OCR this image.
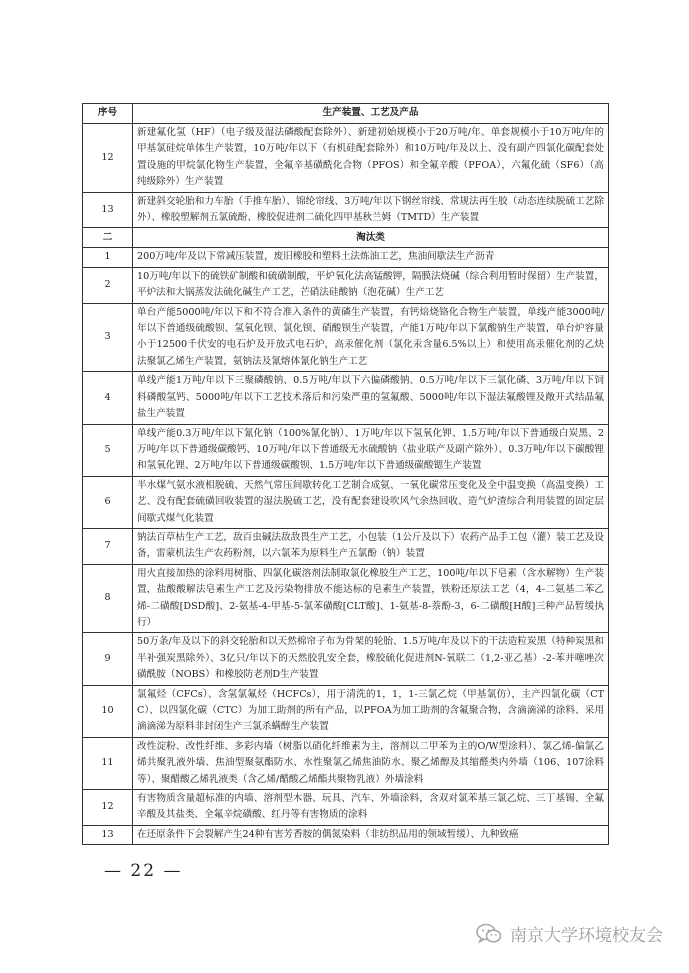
序号	生产装置、工艺及产品
12	新建氟化氢（HF）（电子级及湿法磷酸配套除外）、新建初始规模小于20万吨/年、单套规模小于10万吨/年的甲基氯硅烷单体生产装置，10万吨/年以下（有机硅配套除外）和10万吨/年及以上、没有副产四氯化碳配套处置设施的甲烷氯化物生产装置，全氟辛基磺酰化合物（PFOS）和全氟辛酸（PFOA），六氟化硫（SF6）（高纯级除外）生产装置
13	新建斜交轮胎和力车胎（手推车胎）、锦纶帘线、3万吨/年以下钢丝帘线、常规法再生胶（动态连续脱硫工艺除外）、橡胶塑解剂五氯硫酚、橡胶促进剂二硫化四甲基秋兰姆（TMTD）生产装置
二	淘汰类
1	200万吨/年及以下常减压装置，废旧橡胶和塑料土法炼油工艺，焦油间歇法生产沥青
2	10万吨/年以下的硫铁矿制酸和硫磺制酸，平炉氧化法高锰酸钾，隔膜法烧碱（综合利用暂时保留）生产装置，平炉法和大锅蒸发法硫化碱生产工艺，芒硝法硅酸钠（泡花碱）生产工艺
3	单台产能5000吨/年以下和不符合准入条件的黄磷生产装置，有钙焙烧铬化合物生产装置，单线产能3000吨/年以下普通级硫酸钡、氢氧化钡、氯化钡、硝酸钡生产装置，产能1万吨/年以下氯酸钠生产装置，单台炉容量小于12500千伏安的电石炉及开放式电石炉，高汞催化剂（氯化汞含量6.5%以上）和使用高汞催化剂的乙炔法聚氯乙烯生产装置，氨钠法及氰熔体氰化钠生产工艺
4	单线产能1万吨/年以下三聚磷酸钠、0.5万吨/年以下六偏磷酸钠、0.5万吨/年以下三氯化磷、3万吨/年以下饲料磷酸氢钙、5000吨/年以下工艺技术落后和污染严重的氢氟酸、5000吨/年以下湿法氟酸锂及敞开式结晶氟盐生产装置
5	单线产能0.3万吨/年以下氰化钠（100%氰化钠）、1万吨/年以下氢氧化钾、1.5万吨/年以下普通级白炭黑、2万吨/年以下普通级碳酸钙、10万吨/年以下普通级无水硫酸钠（盐业联产及副产除外）、0.3万吨/年以下碳酸锂和氢氧化锂、2万吨/年以下普通级碳酸钡、1.5万吨/年以下普通级碳酸锶生产装置
6	半水煤气氨水液相脱硫、天然气常压间歇转化工艺制合成氨、一氧化碳常压变化及全中温变换（高温变换）工艺、没有配套硫磺回收装置的湿法脱硫工艺，没有配套建设吹风气余热回收、造气炉渣综合利用装置的固定层间歇式煤气化装置
7	钠法百草枯生产工艺，敌百虫碱法敌敌畏生产工艺，小包装（1公斤及以下）农药产品手工包（灌）装工艺及设备，雷蒙机法生产农药粉剂，以六氯苯为原料生产五氯酚（钠）装置
8	用火直接加热的涂料用树脂、四氯化碳溶剂法制取氯化橡胶生产工艺，100吨/年以下皂素（含水解物）生产装置，盐酸酸解法皂素生产工艺及污染物排放不能达标的皂素生产装置，铁粉还原法工艺（4，4-二氨基二苯乙烯-二磺酸[DSD酸]、2-氨基-4-甲基-5-氯苯磺酸[CLT酸]、1-氨基-8-萘酚-3，6-二磺酸[H酸]三种产品暂缓执行）
9	50万条/年及以下的斜交轮胎和以天然棉帘子布为骨架的轮胎、1.5万吨/年及以下的干法造粒炭黑（特种炭黑和半补强炭黑除外）、3亿只/年以下的天然胶乳安全套，橡胶硫化促进剂N-氧联二（1,2-亚乙基）-2-苯并噻唑次磺酰胺（NOBS）和橡胶防老剂D生产装置
10	氯氟烃（CFCs）、含氢氯氟烃（HCFCs），用于清洗的1，1，1-三氯乙烷（甲基氯仿），主产四氯化碳（CTC）、以四氯化碳（CTC）为加工助剂的所有产品，以PFOA为加工助剂的含氟聚合物，含滴滴涕的涂料、采用滴滴涕为原料非封闭生产三氯杀螨醇生产装置
11	改性淀粉、改性纤维、多彩内墙（树脂以硝化纤维素为主，溶剂以二甲苯为主的O/W型涂料）、氯乙烯-偏氯乙烯共聚乳液外墙、焦油型聚氨酯防水、水性聚氯乙烯焦油防水、聚乙烯醇及其缩醛类内外墙（106、107涂料等）、聚醋酸乙烯乳液类（含乙烯/醋酸乙烯酯共聚物乳液）外墙涂料
12	有害物质含量超标准的内墙、溶剂型木器、玩具、汽车、外墙涂料，含双对氯苯基三氯乙烷、三丁基锡、全氟辛酸及其盐类、全氟辛烷磺酸、红丹等有害物质的涂料
13	在还原条件下会裂解产生24种有害芳香胺的偶氮染料（非纺织品用的领域暂缓）、九种致癌
— 22 —
南京大学环境校友会
